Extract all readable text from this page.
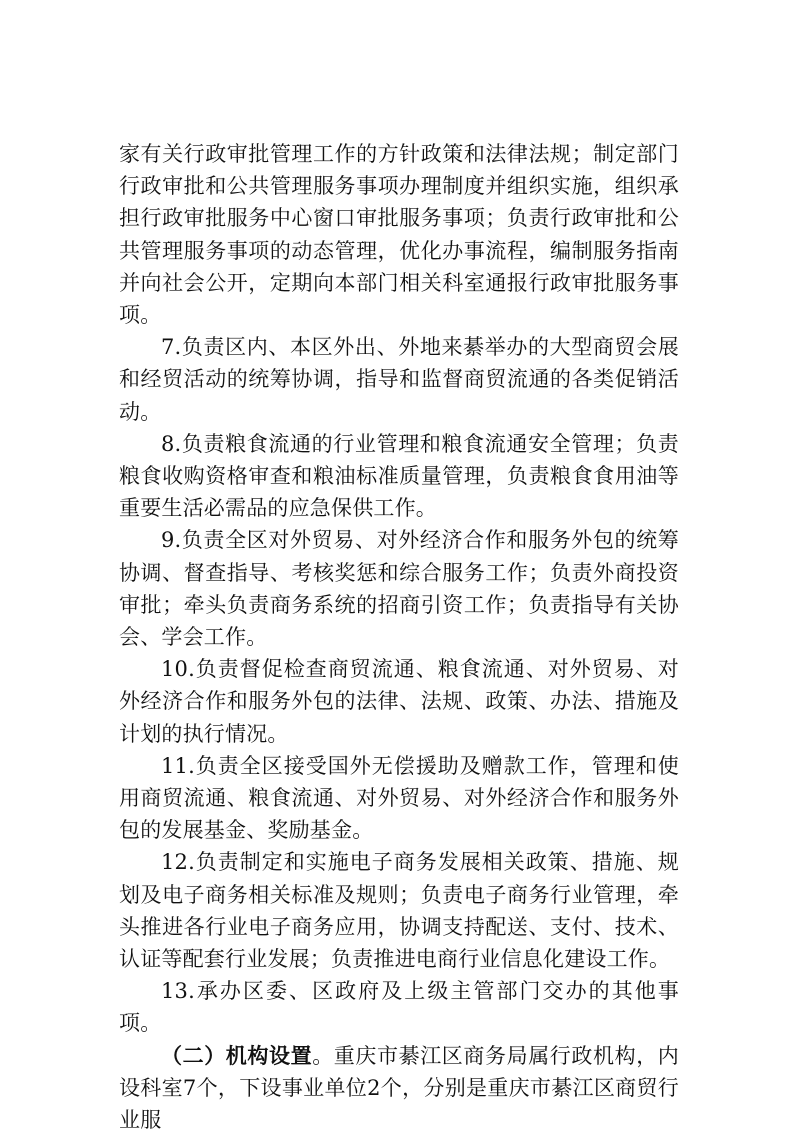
家有关行政审批管理工作的方针政策和法律法规；制定部门行政审批和公共管理服务事项办理制度并组织实施，组织承担行政审批服务中心窗口审批服务事项；负责行政审批和公共管理服务事项的动态管理，优化办事流程，编制服务指南并向社会公开，定期向本部门相关科室通报行政审批服务事项。

7.负责区内、本区外出、外地来綦举办的大型商贸会展和经贸活动的统筹协调，指导和监督商贸流通的各类促销活动。

8.负责粮食流通的行业管理和粮食流通安全管理；负责粮食收购资格审查和粮油标准质量管理，负责粮食食用油等重要生活必需品的应急保供工作。

9.负责全区对外贸易、对外经济合作和服务外包的统筹协调、督查指导、考核奖惩和综合服务工作；负责外商投资审批；牵头负责商务系统的招商引资工作；负责指导有关协会、学会工作。

10.负责督促检查商贸流通、粮食流通、对外贸易、对外经济合作和服务外包的法律、法规、政策、办法、措施及计划的执行情况。

11.负责全区接受国外无偿援助及赠款工作，管理和使用商贸流通、粮食流通、对外贸易、对外经济合作和服务外包的发展基金、奖励基金。

12.负责制定和实施电子商务发展相关政策、措施、规划及电子商务相关标准及规则；负责电子商务行业管理，牵头推进各行业电子商务应用，协调支持配送、支付、技术、认证等配套行业发展；负责推进电商行业信息化建设工作。

13.承办区委、区政府及上级主管部门交办的其他事项。

（二）机构设置。重庆市綦江区商务局属行政机构，内设科室7个，下设事业单位2个，分别是重庆市綦江区商贸行业服
